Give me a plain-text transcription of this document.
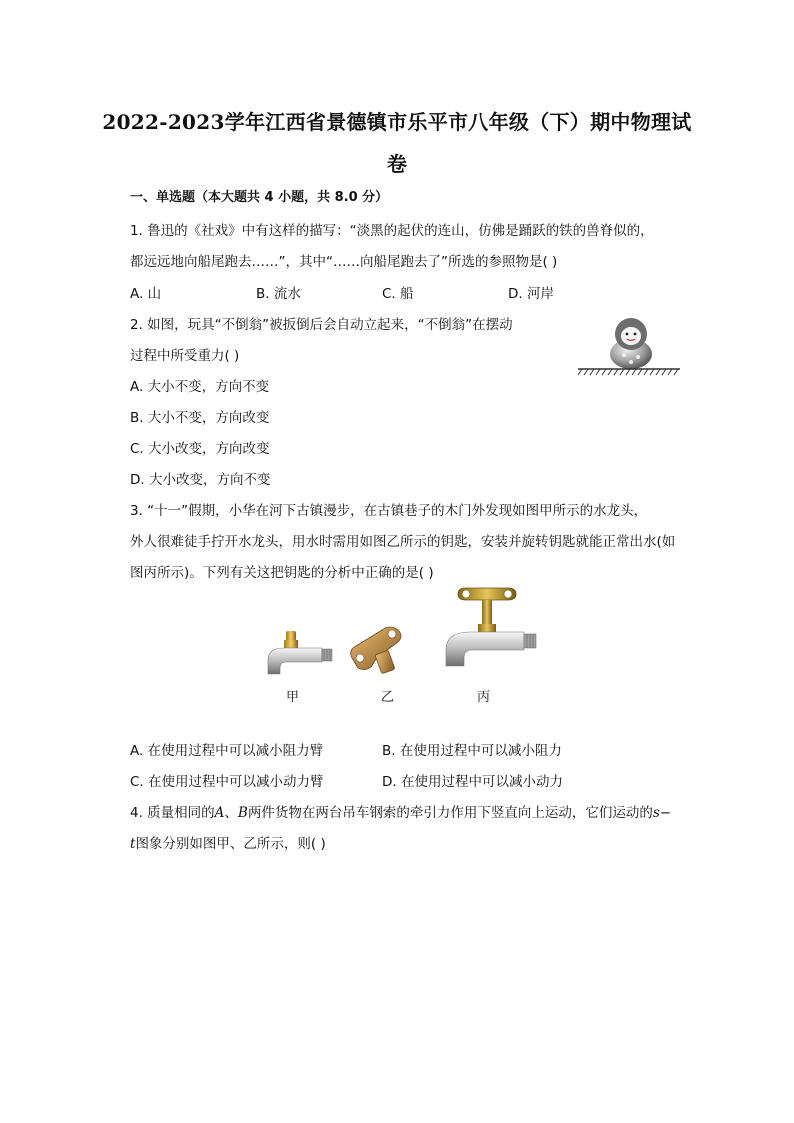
2022-2023学年江西省景德镇市乐平市八年级（下）期中物理试
卷
一、单选题（本大题共 4 小题，共 8.0 分）
1. 鲁迅的《社戏》中有这样的描写：“淡黑的起伏的连山，仿佛是踊跃的铁的兽脊似的，
都远远地向船尾跑去……”，其中“……向船尾跑去了”所选的参照物是( )
A. 山	B. 流水	C. 船	D. 河岸
2. 如图，玩具“不倒翁”被扳倒后会自动立起来，“不倒翁”在摆动
过程中所受重力( )
A. 大小不变，方向不变
B. 大小不变，方向改变
C. 大小改变，方向改变
D. 大小改变，方向不变
3. “十一”假期，小华在河下古镇漫步，在古镇巷子的木门外发现如图甲所示的水龙头，
外人很难徒手拧开水龙头，用水时需用如图乙所示的钥匙，安装并旋转钥匙就能正常出水(如
图丙所示)。下列有关这把钥匙的分析中正确的是( )
甲	乙	丙
A. 在使用过程中可以减小阻力臂	B. 在使用过程中可以减小阻力
C. 在使用过程中可以减小动力臂	D. 在使用过程中可以减小动力
4. 质量相同的A、B两件货物在两台吊车钢索的牵引力作用下竖直向上运动，它们运动的s−
t图象分别如图甲、乙所示，则( )
